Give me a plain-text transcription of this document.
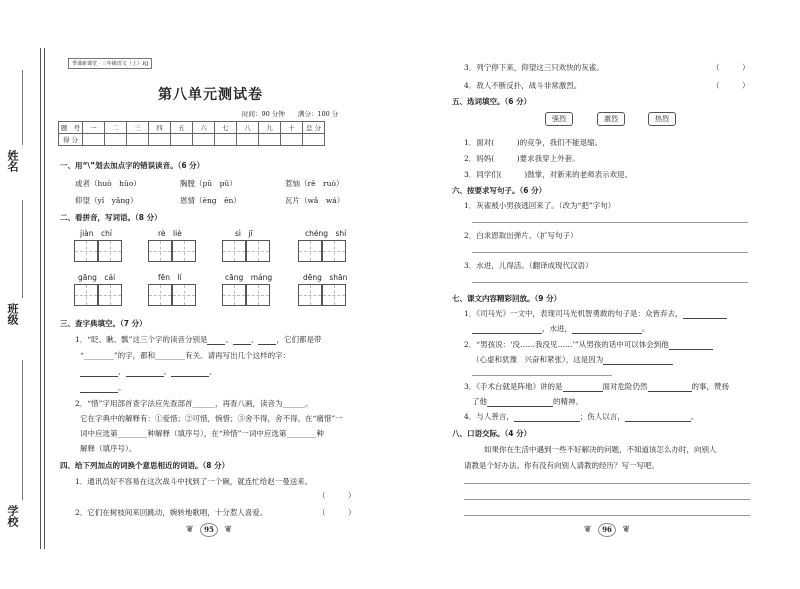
姓名
班级
学校
季课新课堂 · 三年级语文（上）· RJ
第八单元测试卷
时间：90 分钟　　满分：100 分
题　号	一	二	三	四	五	六	七	八	九	十	总 分
得 分											
一、用“\”划去加点字的错误读音。（6 分）
或者（huò　hǔo）	胸膛（pǔ　pǔ）	惹恼（rě　ruò）
仰望（yǐ　yǎng）	恩情（ēng　ēn）	瓦片（wǎ　wá）
二、看拼音，写词语。（8 分）
jiàn　chí	rè　liè	sì　jī	chéng　shí
gāng　cái	fēn　lí	cāng　máng	dēng　shān
三、查字典填空。（7 分）
1．“眨、瞅、瓢”这三个字的读音分别是 、 、 ，它们都是带
“________”的字，都和________有关。请再写出几个这样的字：
、	、	、
。
2．“惜”字用部首查字法应先查部首______，再查八画，读音为______。
它在字典中的解释有：①爱惜；②可惜，惋惜；③舍不得，舍不得。在“痛惜”一
词中应选第________种解释（填序号），在“珍惜”一词中应选第________种
解释（填序号）。
四、给下列加点的词换个意思相近的词语。（8 分）
1．通讯员好不容易在这次战斗中找到了一个碗，就连忙给赵一曼送来。
（　　　）
2．它们在树枝间来回跳动，婉转地歌唱，十分惹人喜爱。	（　　　）
❦ 95 ❦
3．列宁停下来，仰望这三只欢快的灰雀。	（　　　）
4．敌人不断反扑，战斗非常激烈。	（　　　）
五、选词填空。（6 分）
强烈	激烈	热烈
1．面对(　　　)的竞争，我们不能退缩。
2．妈妈(　　　)要求我穿上外套。
3．同学们(　　　)鼓掌，对新来的老师表示欢迎。
六、按要求写句子。（6 分）
1．灰雀被小男孩逃回来了。（改为“把”字句）
2．白求恩取出弹片。（扩写句子）
3．水进，儿得活。（翻译成现代汉语）
七、课文内容精彩回放。（9 分）
1．《司马光》一文中，表现司马光机智勇敢的句子是：众皆弃去，
，水进，	。
2．“男孩说：‘没……我没见……’”从男孩的话中可以体会到他
（心虚和犹豫　兴奋和紧张），这是因为
3．《手术台就是阵地》讲的是	面对危险仍然	的事，赞扬
了他	的精神。
4．与人善言，	；伤人以言，	。
八、口语交际。（4 分）
如果你在生活中遇到一些不好解决的问题，不知道该怎么办时，向别人
请教是个好办法。你有没有向别人请教的经历？写一写吧。
❦ 96 ❦
